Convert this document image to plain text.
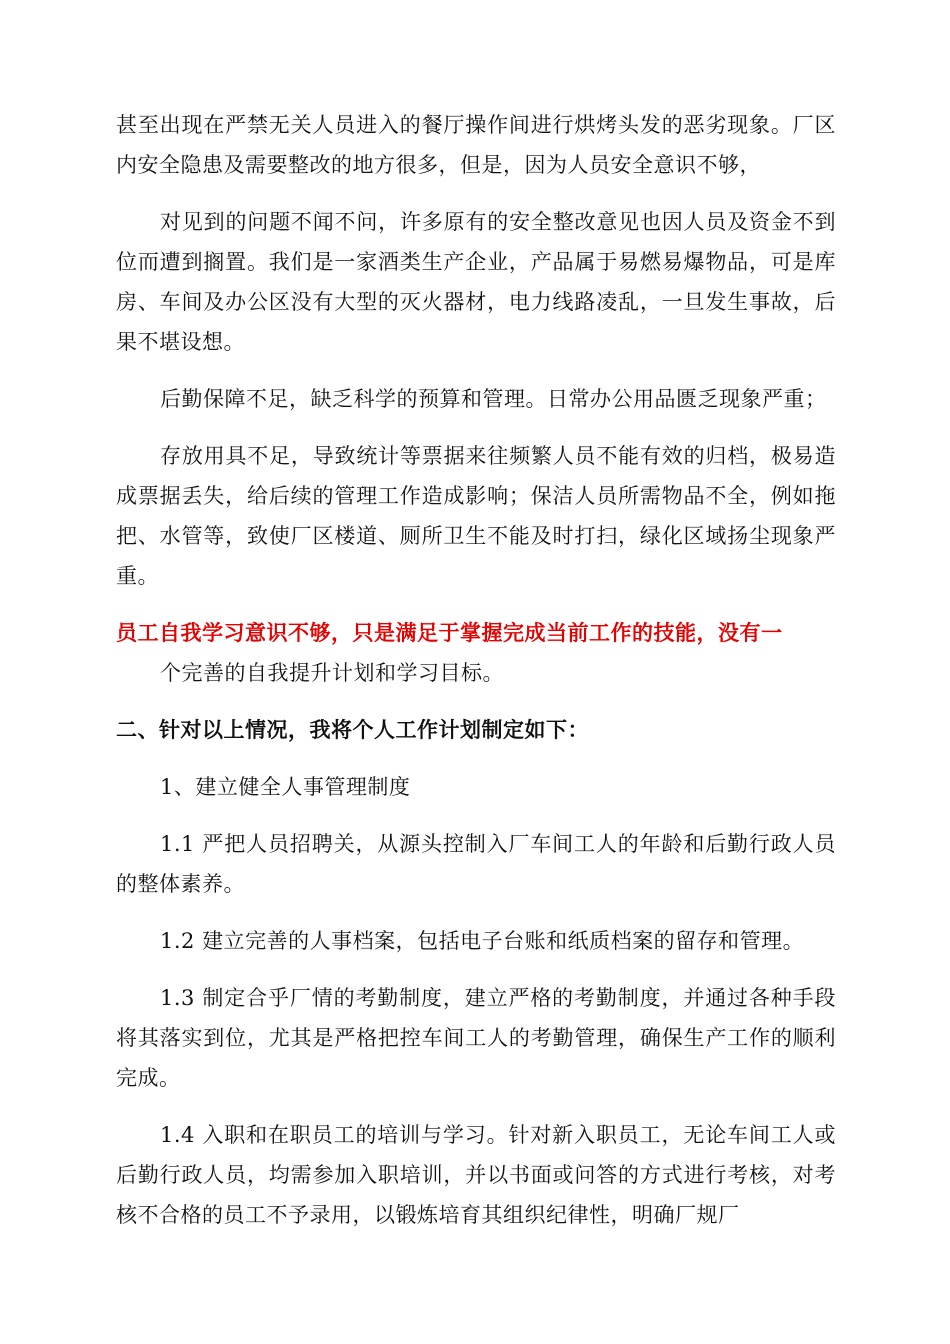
甚至出现在严禁无关人员进入的餐厅操作间进行烘烤头发的恶劣现象。厂区内安全隐患及需要整改的地方很多，但是，因为人员安全意识不够，

对见到的问题不闻不问，许多原有的安全整改意见也因人员及资金不到位而遭到搁置。我们是一家酒类生产企业，产品属于易燃易爆物品，可是库房、车间及办公区没有大型的灭火器材，电力线路凌乱，一旦发生事故，后果不堪设想。

后勤保障不足，缺乏科学的预算和管理。日常办公用品匮乏现象严重；

存放用具不足，导致统计等票据来往频繁人员不能有效的归档，极易造成票据丢失，给后续的管理工作造成影响；保洁人员所需物品不全，例如拖把、水管等，致使厂区楼道、厕所卫生不能及时打扫，绿化区域扬尘现象严重。

员工自我学习意识不够，只是满足于掌握完成当前工作的技能，没有一

个完善的自我提升计划和学习目标。

二、针对以上情况，我将个人工作计划制定如下：

1、建立健全人事管理制度

1.1 严把人员招聘关，从源头控制入厂车间工人的年龄和后勤行政人员的整体素养。

1.2 建立完善的人事档案，包括电子台账和纸质档案的留存和管理。

1.3 制定合乎厂情的考勤制度，建立严格的考勤制度，并通过各种手段将其落实到位，尤其是严格把控车间工人的考勤管理，确保生产工作的顺利完成。

1.4 入职和在职员工的培训与学习。针对新入职员工，无论车间工人或后勤行政人员，均需参加入职培训，并以书面或问答的方式进行考核，对考核不合格的员工不予录用，以锻炼培育其组织纪律性，明确厂规厂
